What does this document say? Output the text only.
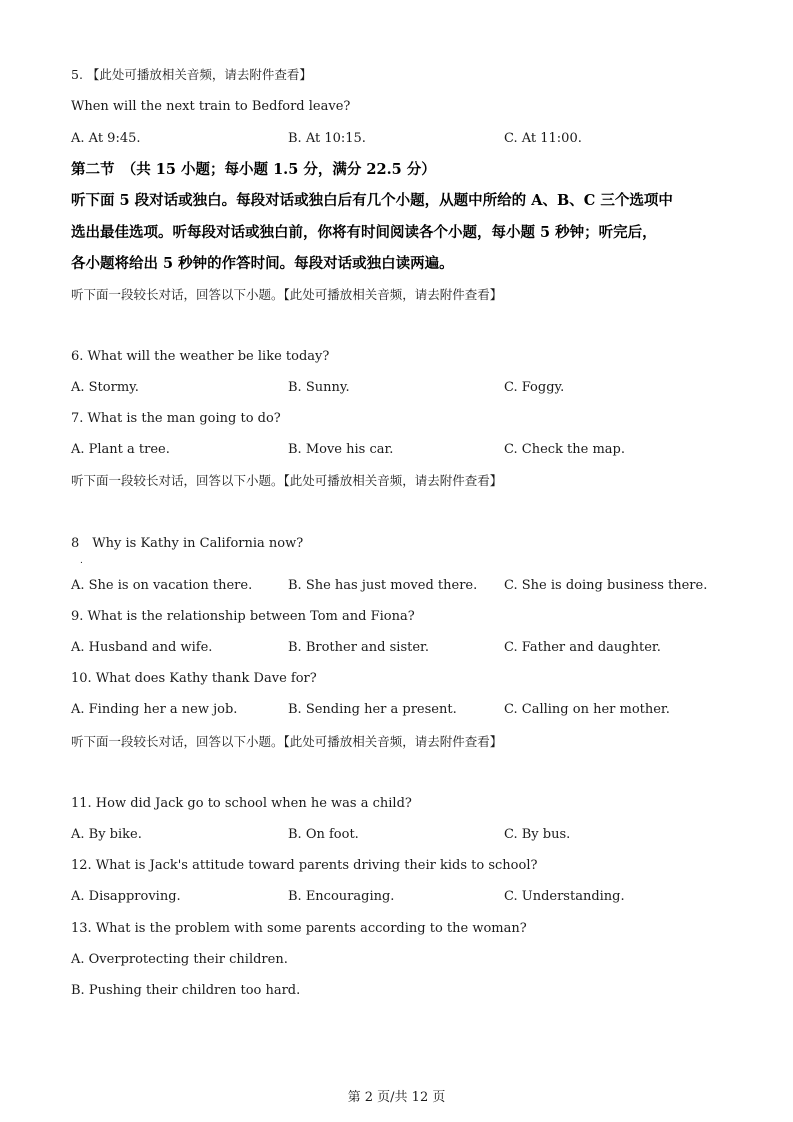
5. 【此处可播放相关音频，请去附件查看】
When will the next train to Bedford leave?
A. At 9:45.	B. At 10:15.	C. At 11:00.
第二节　（共 15 小题；每小题 1.5 分，满分 22.5 分）
听下面 5 段对话或独白。每段对话或独白后有几个小题，从题中所给的 A、B、C 三个选项中
选出最佳选项。听每段对话或独白前，你将有时间阅读各个小题，每小题 5 秒钟；听完后，
各小题将给出 5 秒钟的作答时间。每段对话或独白读两遍。
听下面一段较长对话，回答以下小题。【此处可播放相关音频，请去附件查看】
6. What will the weather be like today?
A. Stormy.	B. Sunny.	C. Foggy.
7. What is the man going to do?
A. Plant a tree.	B. Move his car.	C. Check the map.
听下面一段较长对话，回答以下小题。【此处可播放相关音频，请去附件查看】
8　Why is Kathy in California now?
.
A. She is on vacation there.	B. She has just moved there. C. She is doing business there.
9. What is the relationship between Tom and Fiona?
A. Husband and wife.	B. Brother and sister.	C. Father and daughter.
10. What does Kathy thank Dave for?
A. Finding her a new job.	B. Sending her a present.	C. Calling on her mother.
听下面一段较长对话，回答以下小题。【此处可播放相关音频，请去附件查看】
11. How did Jack go to school when he was a child?
A. By bike.	B. On foot.	C. By bus.
12. What is Jack's attitude toward parents driving their kids to school?
A. Disapproving.	B. Encouraging.	C. Understanding.
13. What is the problem with some parents according to the woman?
A. Overprotecting their children.
B. Pushing their children too hard.
第 2 页/共 12 页
